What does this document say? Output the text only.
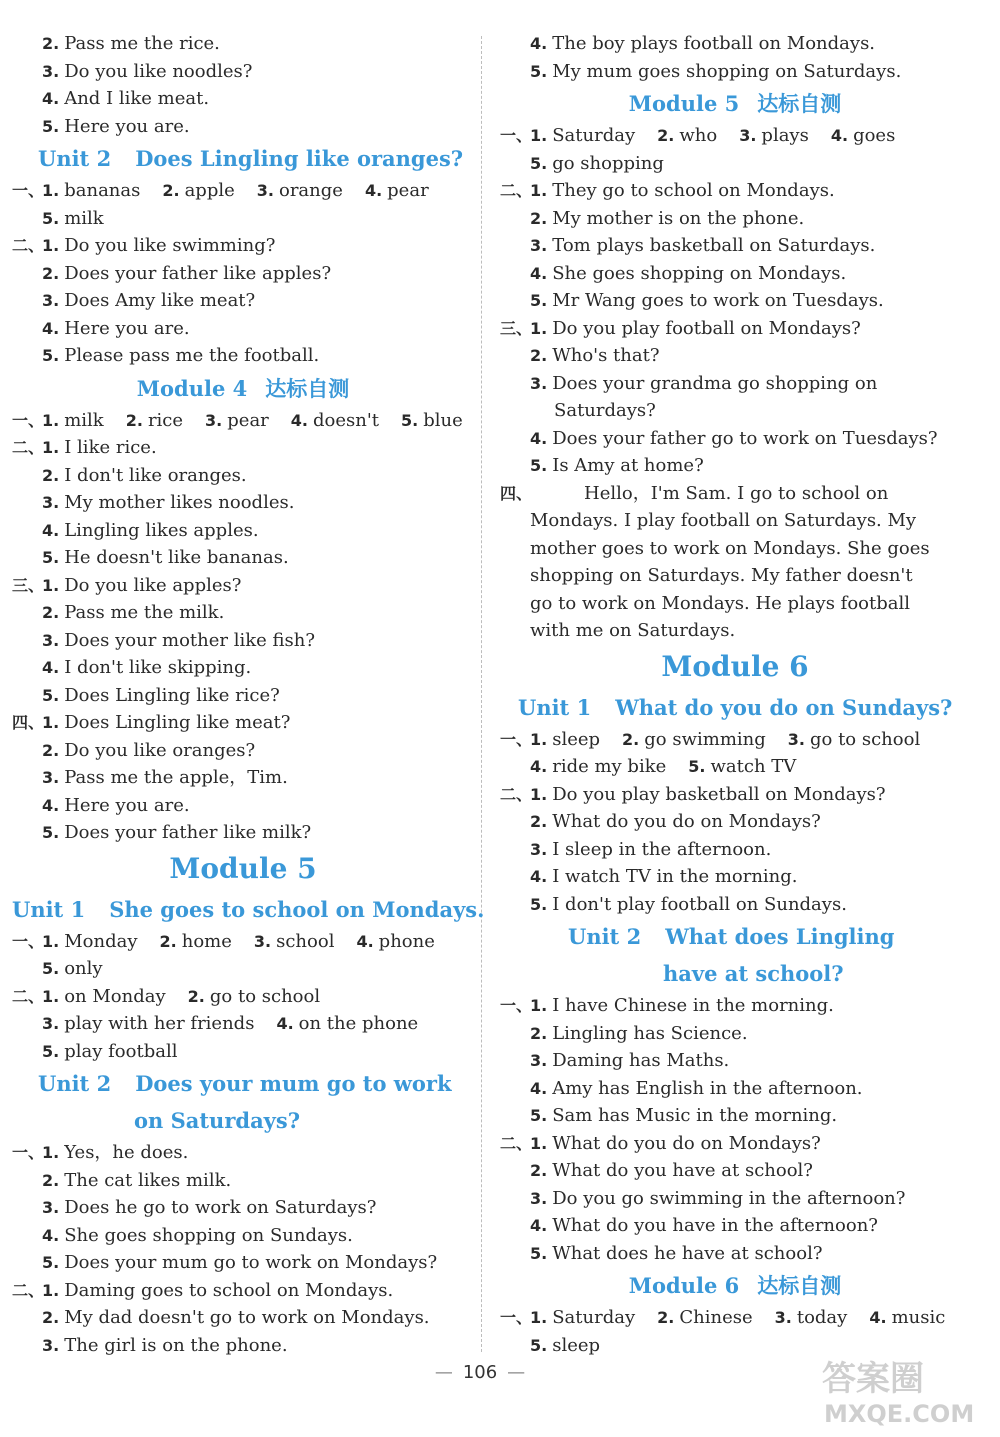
2. Pass me the rice.
3. Do you like noodles?
4. And I like meat.
5. Here you are.
Unit 2 Does Lingling like oranges?
一、
1. bananas 2. apple 3. orange 4. pear
5. milk
二、
1. Do you like swimming?
2. Does your father like apples?
3. Does Amy like meat?
4. Here you are.
5. Please pass me the football.
Module 4 达标自测
一、
1. milk 2. rice 3. pear 4. doesn't 5. blue
二、
1. I like rice.
2. I don't like oranges.
3. My mother likes noodles.
4. Lingling likes apples.
5. He doesn't like bananas.
三、
1. Do you like apples?
2. Pass me the milk.
3. Does your mother like fish?
4. I don't like skipping.
5. Does Lingling like rice?
四、
1. Does Lingling like meat?
2. Do you like oranges?
3. Pass me the apple，Tim.
4. Here you are.
5. Does your father like milk?
Module 5
Unit 1 She goes to school on Mondays.
一、
1. Monday 2. home 3. school 4. phone
5. only
二、
1. on Monday 2. go to school
3. play with her friends 4. on the phone
5. play football
Unit 2 Does your mum go to work
on Saturdays?
一、
1. Yes，he does.
2. The cat likes milk.
3. Does he go to work on Saturdays?
4. She goes shopping on Sundays.
5. Does your mum go to work on Mondays?
二、
1. Daming goes to school on Mondays.
2. My dad doesn't go to work on Mondays.
3. The girl is on the phone.
4. The boy plays football on Mondays.
5. My mum goes shopping on Saturdays.
Module 5 达标自测
一、
1. Saturday 2. who 3. plays 4. goes
5. go shopping
二、
1. They go to school on Mondays.
2. My mother is on the phone.
3. Tom plays basketball on Saturdays.
4. She goes shopping on Mondays.
5. Mr Wang goes to work on Tuesdays.
三、
1. Do you play football on Mondays?
2. Who's that?
3. Does your grandma go shopping on
Saturdays?
4. Does your father go to work on Tuesdays?
5. Is Amy at home?
四、	Hello，I'm Sam. I go to school on
Mondays. I play football on Saturdays. My
mother goes to work on Mondays. She goes
shopping on Saturdays. My father doesn't
go to work on Mondays. He plays football
with me on Saturdays.
Module 6
Unit 1 What do you do on Sundays?
一、
1. sleep 2. go swimming 3. go to school
4. ride my bike 5. watch TV
二、
1. Do you play basketball on Mondays?
2. What do you do on Mondays?
3. I sleep in the afternoon.
4. I watch TV in the morning.
5. I don't play football on Sundays.
Unit 2 What does Lingling
have at school?
一、
1. I have Chinese in the morning.
2. Lingling has Science.
3. Daming has Maths.
4. Amy has English in the afternoon.
5. Sam has Music in the morning.
二、
1. What do you do on Mondays?
2. What do you have at school?
3. Do you go swimming in the afternoon?
4. What do you have in the afternoon?
5. What does he have at school?
Module 6 达标自测
一、
1. Saturday 2. Chinese 3. today 4. music
5. sleep
— 106 —	答案圈
MXQE.COM
